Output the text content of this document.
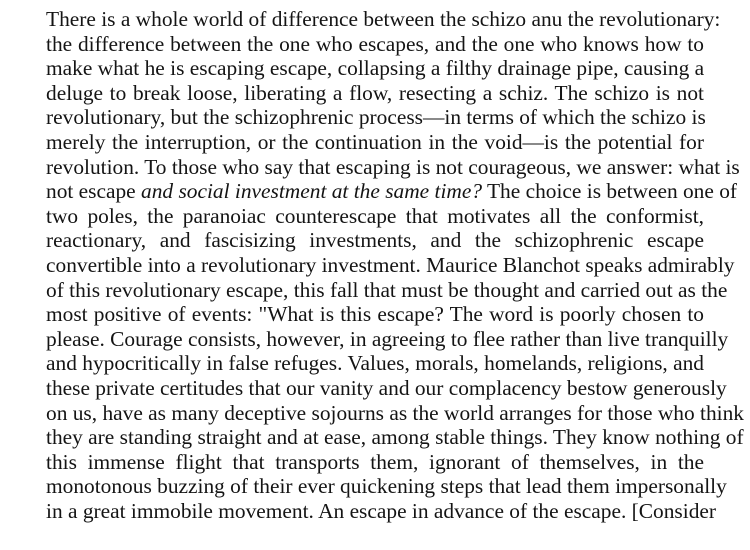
There is a whole world of difference between the schizo anu the revolutionary:
the difference between the one who escapes, and the one who knows how to
make what he is escaping escape, collapsing a filthy drainage pipe, causing a
deluge to break loose, liberating a flow, resecting a schiz. The schizo is not
revolutionary, but the schizophrenic process—in terms of which the schizo is
merely the interruption, or the continuation in the void—is the potential for
revolution. To those who say that escaping is not courageous, we answer: what is
not escape and social investment at the same time? The choice is between one of
two poles, the paranoiac counterescape that motivates all the conformist,
reactionary, and fascisizing investments, and the schizophrenic escape
convertible into a revolutionary investment. Maurice Blanchot speaks admirably
of this revolutionary escape, this fall that must be thought and carried out as the
most positive of events: "What is this escape? The word is poorly chosen to
please. Courage consists, however, in agreeing to flee rather than live tranquilly
and hypocritically in false refuges. Values, morals, homelands, religions, and
these private certitudes that our vanity and our complacency bestow generously
on us, have as many deceptive sojourns as the world arranges for those who think
they are standing straight and at ease, among stable things. They know nothing of
this immense flight that transports them, ignorant of themselves, in the
monotonous buzzing of their ever quickening steps that lead them impersonally
in a great immobile movement. An escape in advance of the escape. [Consider
